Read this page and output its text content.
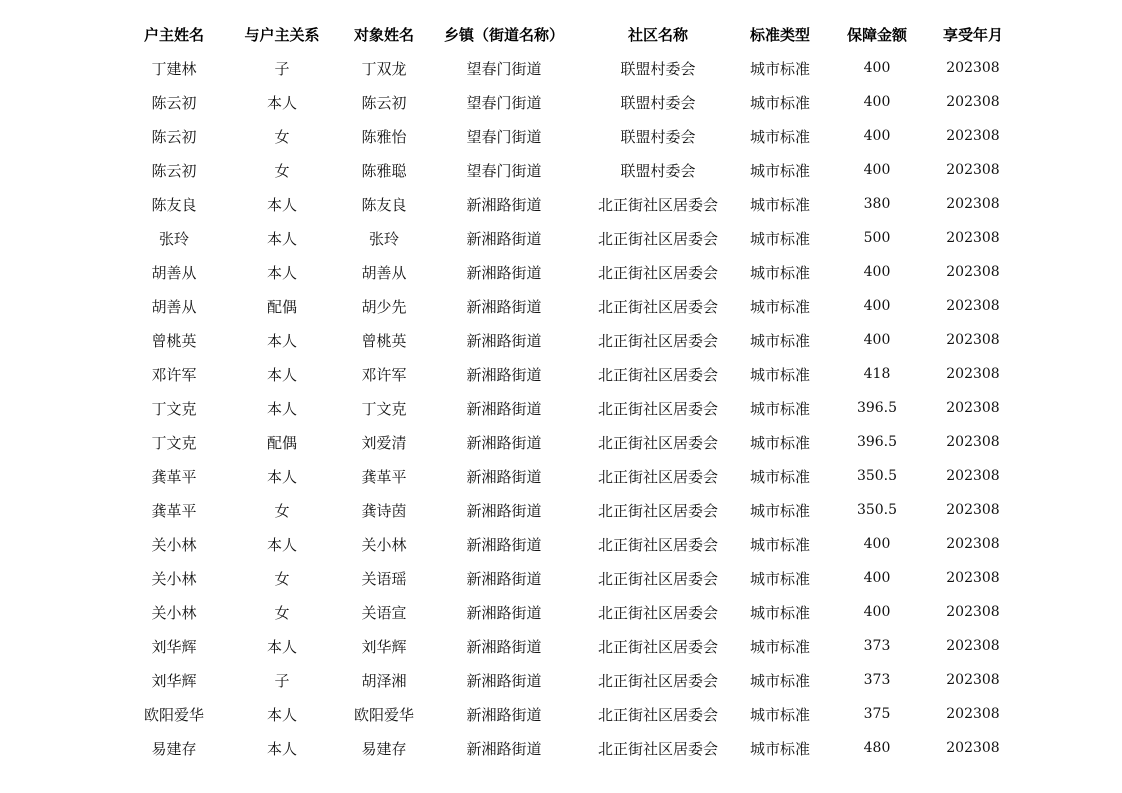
户主姓名	与户主关系	对象姓名	乡镇（街道名称）	社区名称	标准类型	保障金额	享受年月
丁建林	子	丁双龙	望春门街道	联盟村委会	城市标准	400	202308
陈云初	本人	陈云初	望春门街道	联盟村委会	城市标准	400	202308
陈云初	女	陈雅怡	望春门街道	联盟村委会	城市标准	400	202308
陈云初	女	陈雅聪	望春门街道	联盟村委会	城市标准	400	202308
陈友良	本人	陈友良	新湘路街道	北正街社区居委会	城市标准	380	202308
张玲	本人	张玲	新湘路街道	北正街社区居委会	城市标准	500	202308
胡善从	本人	胡善从	新湘路街道	北正街社区居委会	城市标准	400	202308
胡善从	配偶	胡少先	新湘路街道	北正街社区居委会	城市标准	400	202308
曾桃英	本人	曾桃英	新湘路街道	北正街社区居委会	城市标准	400	202308
邓许军	本人	邓许军	新湘路街道	北正街社区居委会	城市标准	418	202308
丁文克	本人	丁文克	新湘路街道	北正街社区居委会	城市标准	396.5	202308
丁文克	配偶	刘爱清	新湘路街道	北正街社区居委会	城市标准	396.5	202308
龚革平	本人	龚革平	新湘路街道	北正街社区居委会	城市标准	350.5	202308
龚革平	女	龚诗茵	新湘路街道	北正街社区居委会	城市标准	350.5	202308
关小林	本人	关小林	新湘路街道	北正街社区居委会	城市标准	400	202308
关小林	女	关语瑶	新湘路街道	北正街社区居委会	城市标准	400	202308
关小林	女	关语宣	新湘路街道	北正街社区居委会	城市标准	400	202308
刘华辉	本人	刘华辉	新湘路街道	北正街社区居委会	城市标准	373	202308
刘华辉	子	胡泽湘	新湘路街道	北正街社区居委会	城市标准	373	202308
欧阳爱华	本人	欧阳爱华	新湘路街道	北正街社区居委会	城市标准	375	202308
易建存	本人	易建存	新湘路街道	北正街社区居委会	城市标准	480	202308
